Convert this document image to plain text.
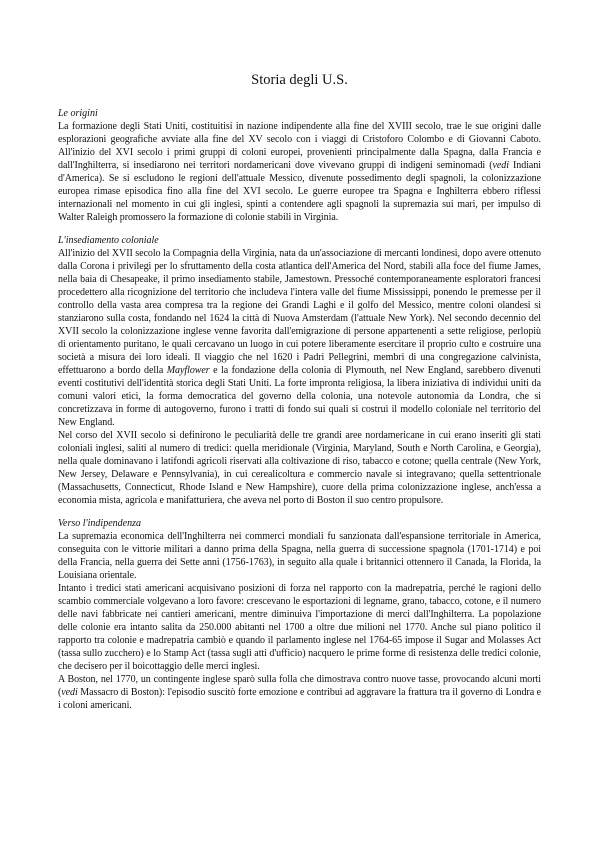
Storia degli U.S.

Le origini

La formazione degli Stati Uniti, costituitisi in nazione indipendente alla fine del XVIII secolo, trae le sue origini dalle esplorazioni geografiche avviate alla fine del XV secolo con i viaggi di Cristoforo Colombo e di Giovanni Caboto. All'inizio del XVI secolo i primi gruppi di coloni europei, provenienti principalmente dalla Spagna, dalla Francia e dall'Inghilterra, si insediarono nei territori nordamericani dove vivevano gruppi di indigeni seminomadi (vedi Indiani d'America). Se si escludono le regioni dell'attuale Messico, divenute possedimento degli spagnoli, la colonizzazione europea rimase episodica fino alla fine del XVI secolo. Le guerre europee tra Spagna e Inghilterra ebbero riflessi internazionali nel momento in cui gli inglesi, spinti a contendere agli spagnoli la supremazia sui mari, per impulso di Walter Raleigh promossero la formazione di colonie stabili in Virginia.

L'insediamento coloniale

All'inizio del XVII secolo la Compagnia della Virginia, nata da un'associazione di mercanti londinesi, dopo avere ottenuto dalla Corona i privilegi per lo sfruttamento della costa atlantica dell'America del Nord, stabilì alla foce del fiume James, nella baia di Chesapeake, il primo insediamento stabile, Jamestown. Pressoché contemporaneamente esploratori francesi procedettero alla ricognizione del territorio che includeva l'intera valle del fiume Mississippi, ponendo le premesse per il controllo della vasta area compresa tra la regione dei Grandi Laghi e il golfo del Messico, mentre coloni olandesi si stanziarono sulla costa, fondando nel 1624 la città di Nuova Amsterdam (l'attuale New York). Nel secondo decennio del XVII secolo la colonizzazione inglese venne favorita dall'emigrazione di persone appartenenti a sette religiose, perlopiù di orientamento puritano, le quali cercavano un luogo in cui potere liberamente esercitare il proprio culto e costruire una società a misura dei loro ideali. Il viaggio che nel 1620 i Padri Pellegrini, membri di una congregazione calvinista, effettuarono a bordo della Mayflower e la fondazione della colonia di Plymouth, nel New England, sarebbero divenuti eventi costitutivi dell'identità storica degli Stati Uniti. La forte impronta religiosa, la libera iniziativa di individui uniti da comuni valori etici, la forma democratica del governo della colonia, una notevole autonomia da Londra, che si concretizzava in forme di autogoverno, furono i tratti di fondo sui quali si costruì il modello coloniale nel territorio del New England.

Nel corso del XVII secolo si definirono le peculiarità delle tre grandi aree nordamericane in cui erano inseriti gli stati coloniali inglesi, saliti al numero di tredici: quella meridionale (Virginia, Maryland, South e North Carolina, e Georgia), nella quale dominavano i latifondi agricoli riservati alla coltivazione di riso, tabacco e cotone; quella centrale (New York, New Jersey, Delaware e Pennsylvania), in cui cerealicoltura e commercio navale si integravano; quella settentrionale (Massachusetts, Connecticut, Rhode Island e New Hampshire), cuore della prima colonizzazione inglese, anch'essa a economia mista, agricola e manifatturiera, che aveva nel porto di Boston il suo centro propulsore.

Verso l'indipendenza

La supremazia economica dell'Inghilterra nei commerci mondiali fu sanzionata dall'espansione territoriale in America, conseguita con le vittorie militari a danno prima della Spagna, nella guerra di successione spagnola (1701-1714) e poi della Francia, nella guerra dei Sette anni (1756-1763), in seguito alla quale i britannici ottennero il Canada, la Florida, la Louisiana orientale.

Intanto i tredici stati americani acquisivano posizioni di forza nel rapporto con la madrepatria, perché le ragioni dello scambio commerciale volgevano a loro favore: crescevano le esportazioni di legname, grano, tabacco, cotone, e il numero delle navi fabbricate nei cantieri americani, mentre diminuiva l'importazione di merci dall'Inghilterra. La popolazione delle colonie era intanto salita da 250.000 abitanti nel 1700 a oltre due milioni nel 1770. Anche sul piano politico il rapporto tra colonie e madrepatria cambiò e quando il parlamento inglese nel 1764-65 impose il Sugar and Molasses Act (tassa sullo zucchero) e lo Stamp Act (tassa sugli atti d'ufficio) nacquero le prime forme di resistenza delle tredici colonie, che decisero per il boicottaggio delle merci inglesi.

A Boston, nel 1770, un contingente inglese sparò sulla folla che dimostrava contro nuove tasse, provocando alcuni morti (vedi Massacro di Boston): l'episodio suscitò forte emozione e contribuì ad aggravare la frattura tra il governo di Londra e i coloni americani.
